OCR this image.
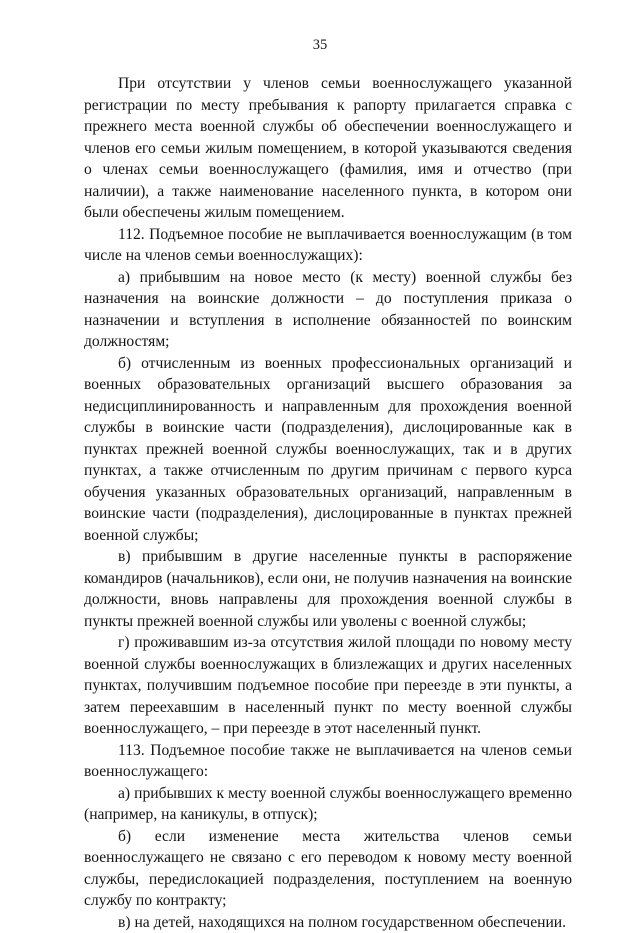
35

При отсутствии у членов семьи военнослужащего указанной регистрации по месту пребывания к рапорту прилагается справка с прежнего места военной службы об обеспечении военнослужащего и членов его семьи жилым помещением, в которой указываются сведения о членах семьи военнослужащего (фамилия, имя и отчество (при наличии), а также наименование населенного пункта, в котором они были обеспечены жилым помещением.

112. Подъемное пособие не выплачивается военнослужащим (в том числе на членов семьи военнослужащих):

а) прибывшим на новое место (к месту) военной службы без назначения на воинские должности – до поступления приказа о назначении и вступления в исполнение обязанностей по воинским должностям;

б) отчисленным из военных профессиональных организаций и военных образовательных организаций высшего образования за недисциплинированность и направленным для прохождения военной службы в воинские части (подразделения), дислоцированные как в пунктах прежней военной службы военнослужащих, так и в других пунктах, а также отчисленным по другим причинам с первого курса обучения указанных образовательных организаций, направленным в воинские части (подразделения), дислоцированные в пунктах прежней военной службы;

в) прибывшим в другие населенные пункты в распоряжение командиров (начальников), если они, не получив назначения на воинские должности, вновь направлены для прохождения военной службы в пункты прежней военной службы или уволены с военной службы;

г) проживавшим из-за отсутствия жилой площади по новому месту военной службы военнослужащих в близлежащих и других населенных пунктах, получившим подъемное пособие при переезде в эти пункты, а затем переехавшим в населенный пункт по месту военной службы военнослужащего, – при переезде в этот населенный пункт.

113. Подъемное пособие также не выплачивается на членов семьи военнослужащего:

а) прибывших к месту военной службы военнослужащего временно (например, на каникулы, в отпуск);

б) если изменение места жительства членов семьи военнослужащего не связано с его переводом к новому месту военной службы, передислокацией подразделения, поступлением на военную службу по контракту;

в) на детей, находящихся на полном государственном обеспечении.
